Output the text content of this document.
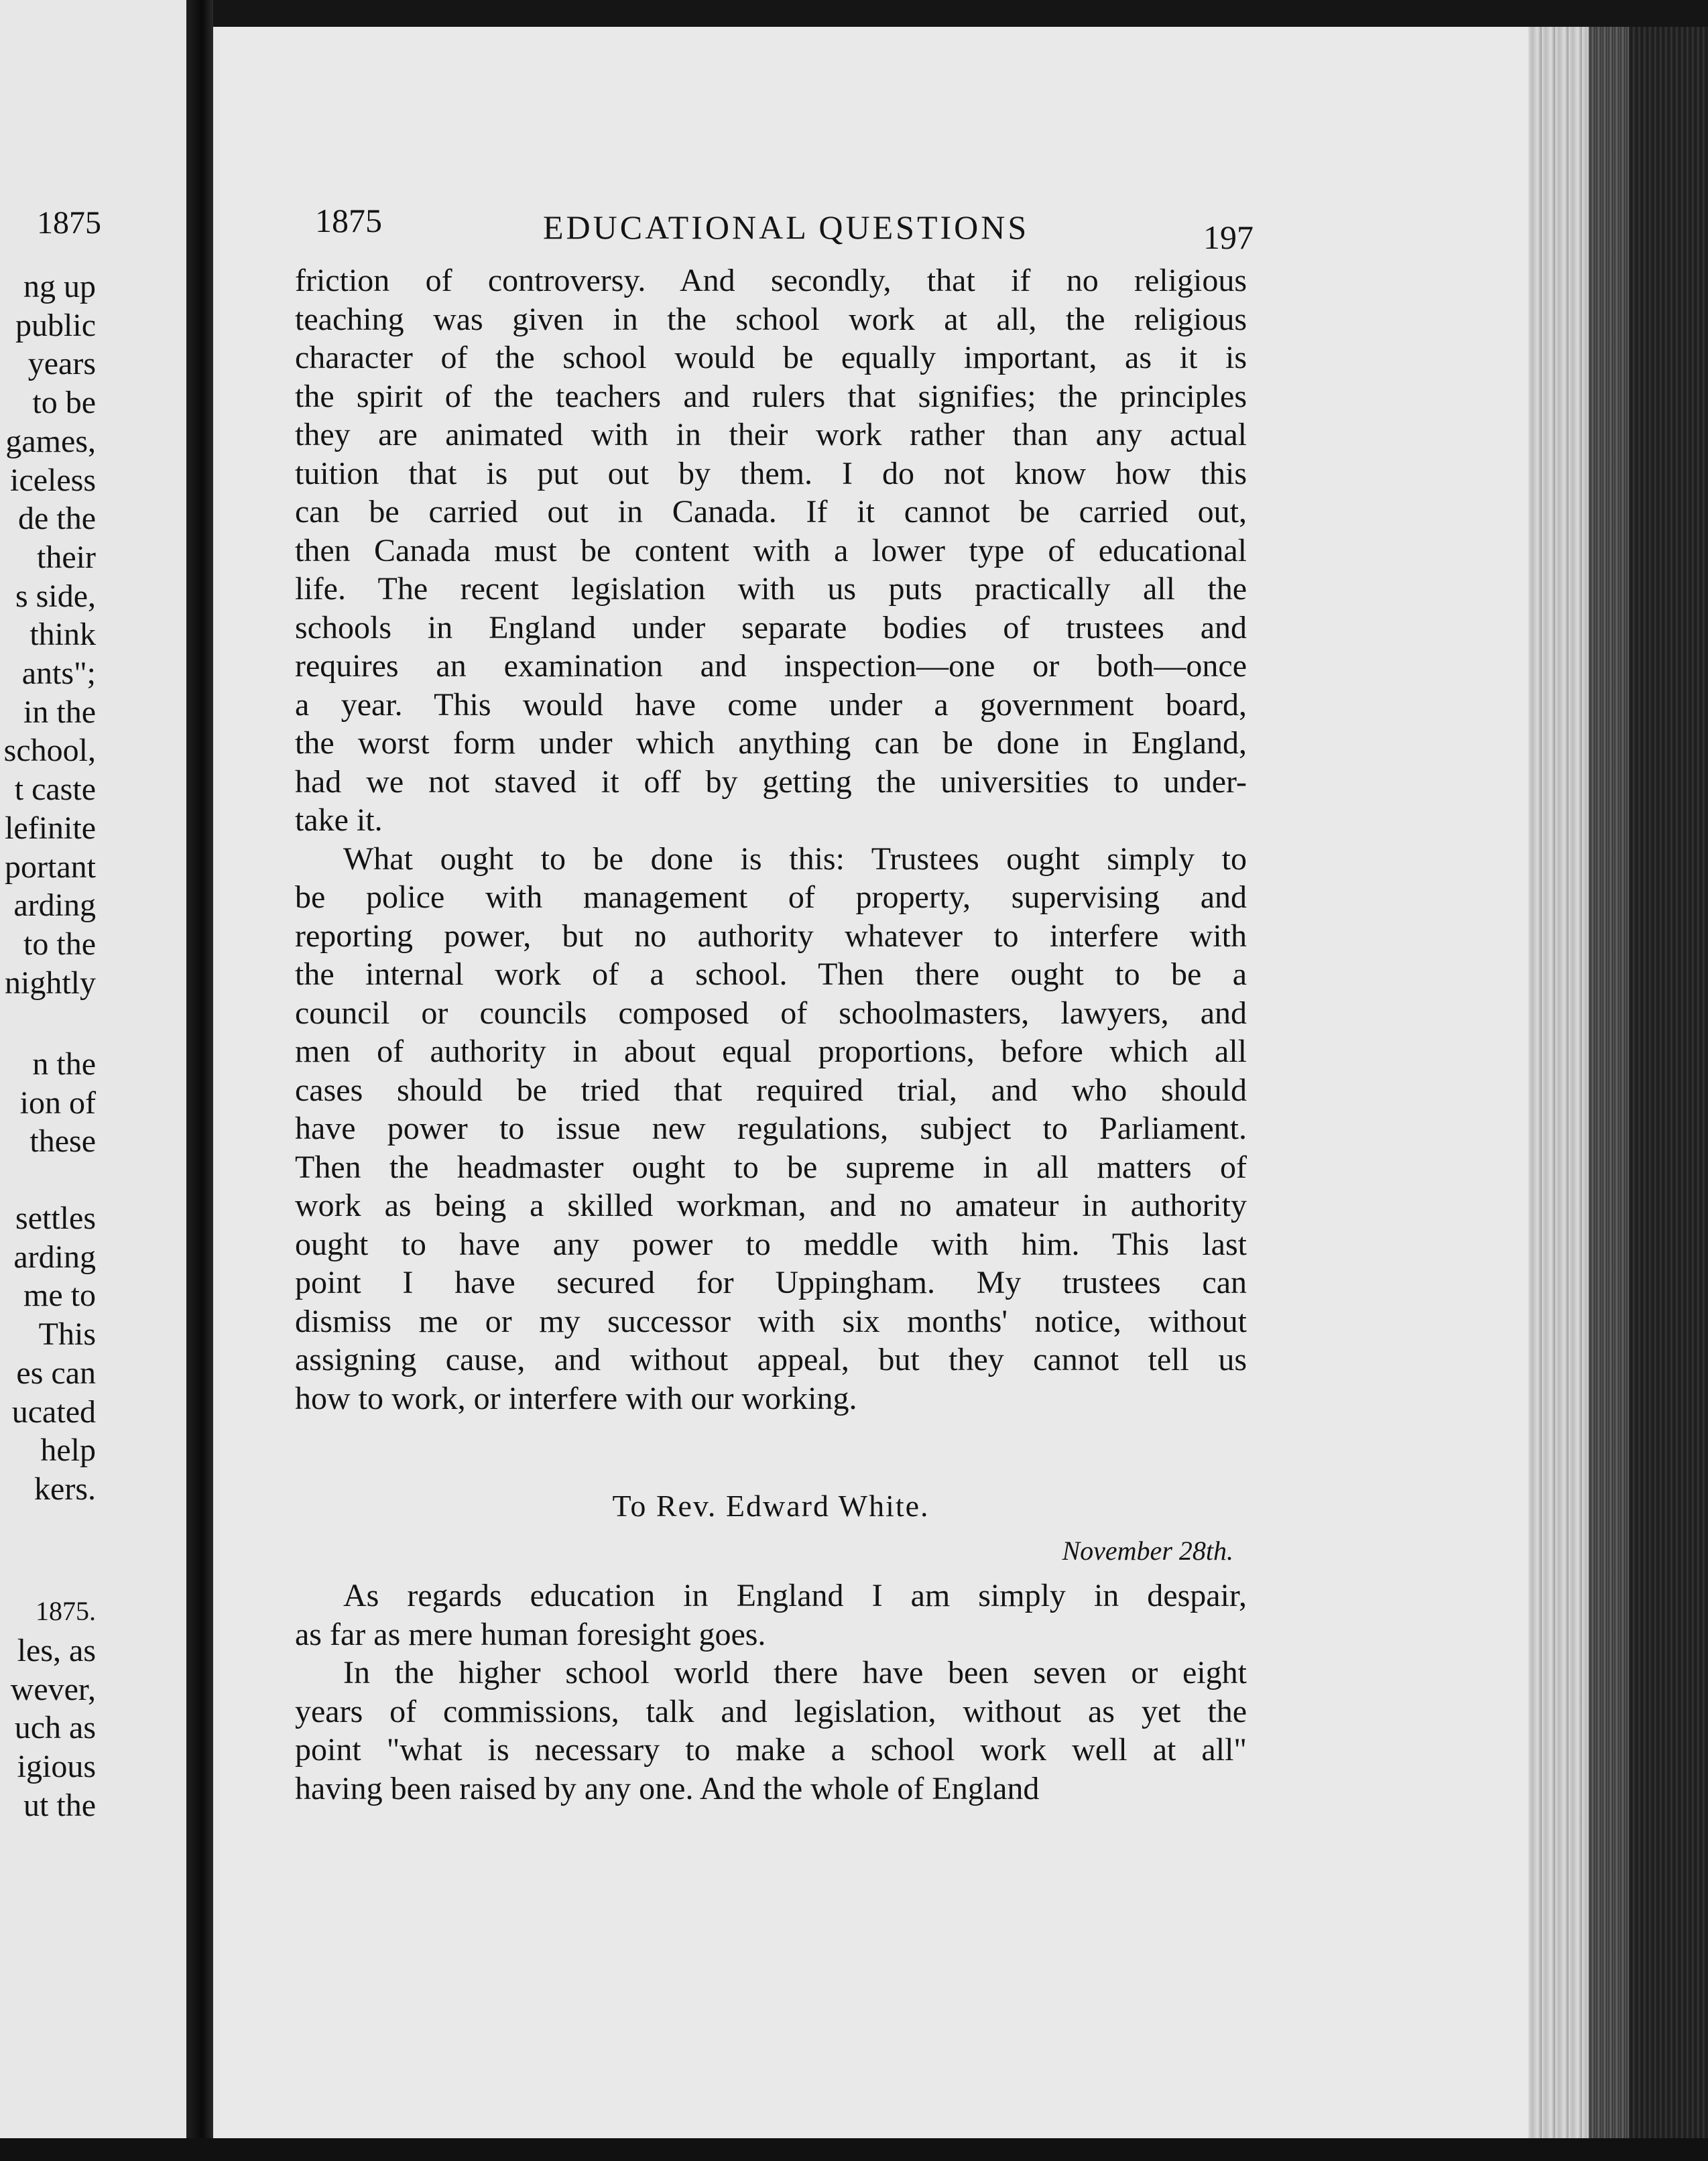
1875
ng up
public
years
to be
games,
iceless
de the
their
s side,
think
ants";
in the
school,
t caste
lefinite
portant
arding
to the
nightly
n the
ion of
these
settles
arding
me to
This
es can
ucated
help
kers.
les, as
wever,
uch as
igious
ut the
1875.
1875	EDUCATIONAL QUESTIONS	197
friction of controversy. And secondly, that if no religious
teaching was given in the school work at all, the religious
character of the school would be equally important, as it is
the spirit of the teachers and rulers that signifies; the principles
they are animated with in their work rather than any actual
tuition that is put out by them. I do not know how this
can be carried out in Canada. If it cannot be carried out,
then Canada must be content with a lower type of educational
life. The recent legislation with us puts practically all the
schools in England under separate bodies of trustees and
requires an examination and inspection—one or both—once
a year. This would have come under a government board,
the worst form under which anything can be done in England,
had we not staved it off by getting the universities to under-
take it.
What ought to be done is this: Trustees ought simply to
be police with management of property, supervising and
reporting power, but no authority whatever to interfere with
the internal work of a school. Then there ought to be a
council or councils composed of schoolmasters, lawyers, and
men of authority in about equal proportions, before which all
cases should be tried that required trial, and who should
have power to issue new regulations, subject to Parliament.
Then the headmaster ought to be supreme in all matters of
work as being a skilled workman, and no amateur in authority
ought to have any power to meddle with him. This last
point I have secured for Uppingham. My trustees can
dismiss me or my successor with six months' notice, without
assigning cause, and without appeal, but they cannot tell us
how to work, or interfere with our working.
To Rev. Edward White.
November 28th.
As regards education in England I am simply in despair,
as far as mere human foresight goes.
In the higher school world there have been seven or eight
years of commissions, talk and legislation, without as yet the
point "what is necessary to make a school work well at all"
having been raised by any one. And the whole of England
